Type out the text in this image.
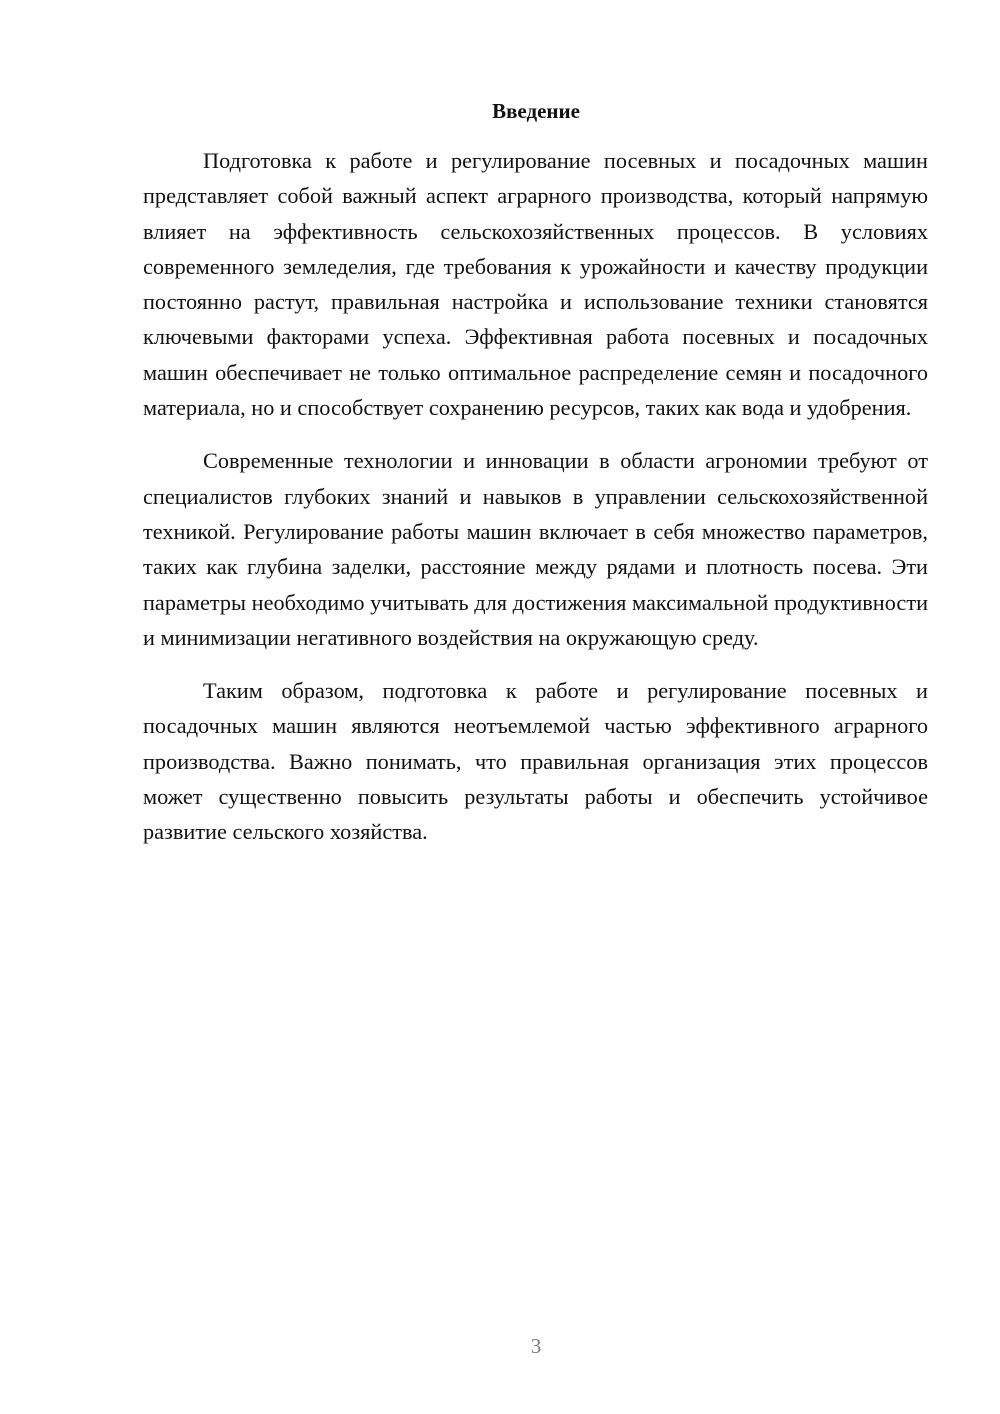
Введение

Подготовка к работе и регулирование посевных и посадочных машин представляет собой важный аспект аграрного производства, который напрямую влияет на эффективность сельскохозяйственных процессов. В условиях современного земледелия, где требования к урожайности и качеству продукции постоянно растут, правильная настройка и использование техники становятся ключевыми факторами успеха. Эффективная работа посевных и посадочных машин обеспечивает не только оптимальное распределение семян и посадочного материала, но и способствует сохранению ресурсов, таких как вода и удобрения.

Современные технологии и инновации в области агрономии требуют от специалистов глубоких знаний и навыков в управлении сельскохозяйственной техникой. Регулирование работы машин включает в себя множество параметров, таких как глубина заделки, расстояние между рядами и плотность посева. Эти параметры необходимо учитывать для достижения максимальной продуктивности и минимизации негативного воздействия на окружающую среду.

Таким образом, подготовка к работе и регулирование посевных и посадочных машин являются неотъемлемой частью эффективного аграрного производства. Важно понимать, что правильная организация этих процессов может существенно повысить результаты работы и обеспечить устойчивое развитие сельского хозяйства.

3
